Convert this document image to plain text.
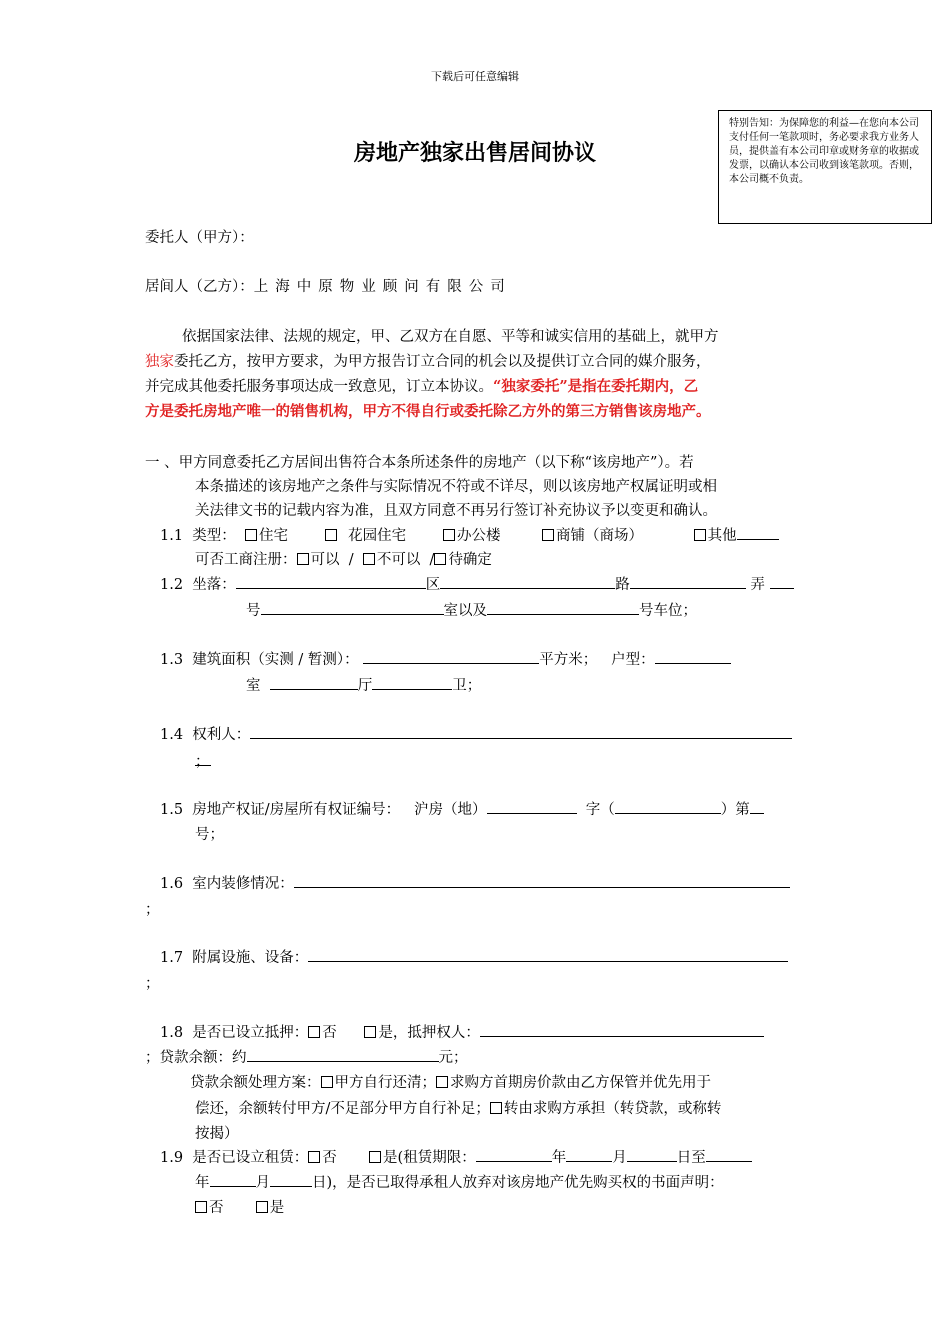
下载后可任意编辑
房地产独家出售居间协议
特别告知：为保障您的利益—在您向本公司支付任何一笔款项时，务必要求我方业务人员，提供盖有本公司印章或财务章的收据或发票，以确认本公司收到该笔款项。否则，本公司概不负责。
委托人（甲方）：
居间人（乙方）：上海中原物业顾问有限公司
依据国家法律、法规的规定，甲、乙双方在自愿、平等和诚实信用的基础上，就甲方
独家委托乙方，按甲方要求，为甲方报告订立合同的机会以及提供订立合同的媒介服务，
并完成其他委托服务事项达成一致意见，订立本协议。“独家委托”是指在委托期内，乙
方是委托房地产唯一的销售机构，甲方不得自行或委托除乙方外的第三方销售该房地产。
一 、甲方同意委托乙方居间出售符合本条所述条件的房地产（以下称“该房地产”）。若
本条描述的该房地产之条件与实际情况不符或不详尽，则以该房地产权属证明或相
关法律文书的记载内容为准，且双方同意不再另行签订补充协议予以变更和确认。
1.1 类型： 住宅	花园住宅	办公楼	商铺（商场）	其他
可否工商注册： 可以 / 不可以 / 待确定
1.2 坐落：	区	路	弄
号	室以及	号车位；
1.3 建筑面积（实测 / 暂测）：	平方米； 户型：
室	厅	卫；
1.4 权利人：
；
1.5 房地产权证/房屋所有权证编号： 沪房（地）	字（	）第
号；
1.6 室内装修情况：
；
1.7 附属设施、设备：
；
1.8 是否已设立抵押： 否	是，抵押权人：
；贷款余额：约	元；
贷款余额处理方案： 甲方自行还清； 求购方首期房价款由乙方保管并优先用于
偿还，余额转付甲方/不足部分甲方自行补足； 转由求购方承担（转贷款，或称转
按揭）
1.9 是否已设立租赁： 否	是(租赁期限：	年	月	日至
年	月	日)，是否已取得承租人放弃对该房地产优先购买权的书面声明：
否	是
